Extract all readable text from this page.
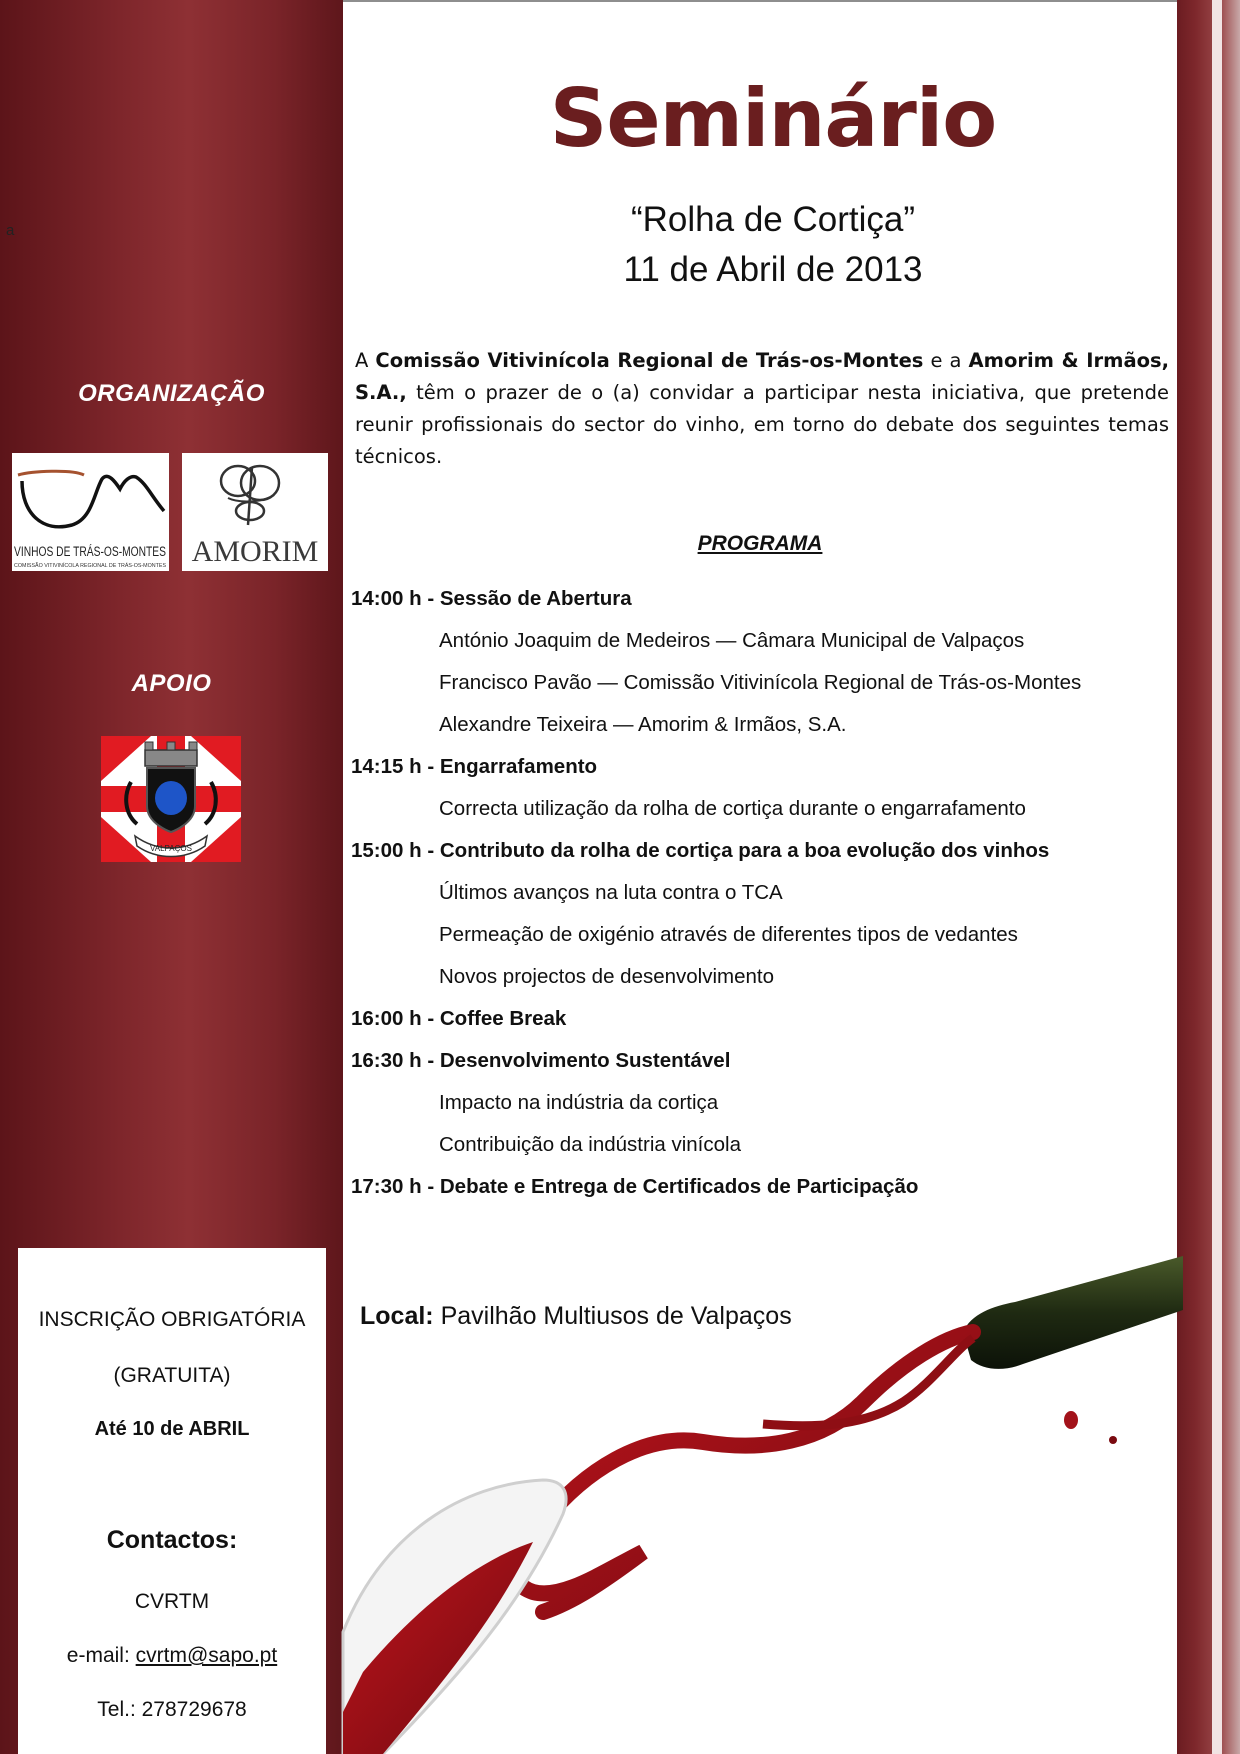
a
ORGANIZAÇÃO
VINHOS DE TRÁS-OS-MONTES
COMISSÃO VITIVINÍCOLA REGIONAL DE TRÁS-OS-MONTES AMORIM
APOIO
VALPAÇOS
INSCRIÇÃO OBRIGATÓRIA
(GRATUITA)
Até 10 de ABRIL
Contactos:
CVRTM
e-mail: cvrtm@sapo.pt
Tel.: 278729678
Seminário
“Rolha de Cortiça”
11 de Abril de 2013
A Comissão Vitivinícola Regional de Trás-os-Montes e a Amorim & Irmãos, S.A., têm o prazer de o (a) convidar a participar nesta iniciativa, que pretende reunir profissionais do sector do vinho, em torno do debate dos seguintes temas técnicos.
PROGRAMA
14:00 h - Sessão de Abertura
António Joaquim de Medeiros — Câmara Municipal de Valpaços
Francisco Pavão — Comissão Vitivinícola Regional de Trás-os-Montes
Alexandre Teixeira — Amorim & Irmãos, S.A.
14:15 h - Engarrafamento
Correcta utilização da rolha de cortiça durante o engarrafamento
15:00 h - Contributo da rolha de cortiça para a boa evolução dos vinhos
Últimos avanços na luta contra o TCA
Permeação de oxigénio através de diferentes tipos de vedantes
Novos projectos de desenvolvimento
16:00 h - Coffee Break
16:30 h - Desenvolvimento Sustentável
Impacto na indústria da cortiça
Contribuição da indústria vinícola
17:30 h - Debate e Entrega de Certificados de Participação
Local: Pavilhão Multiusos de Valpaços
